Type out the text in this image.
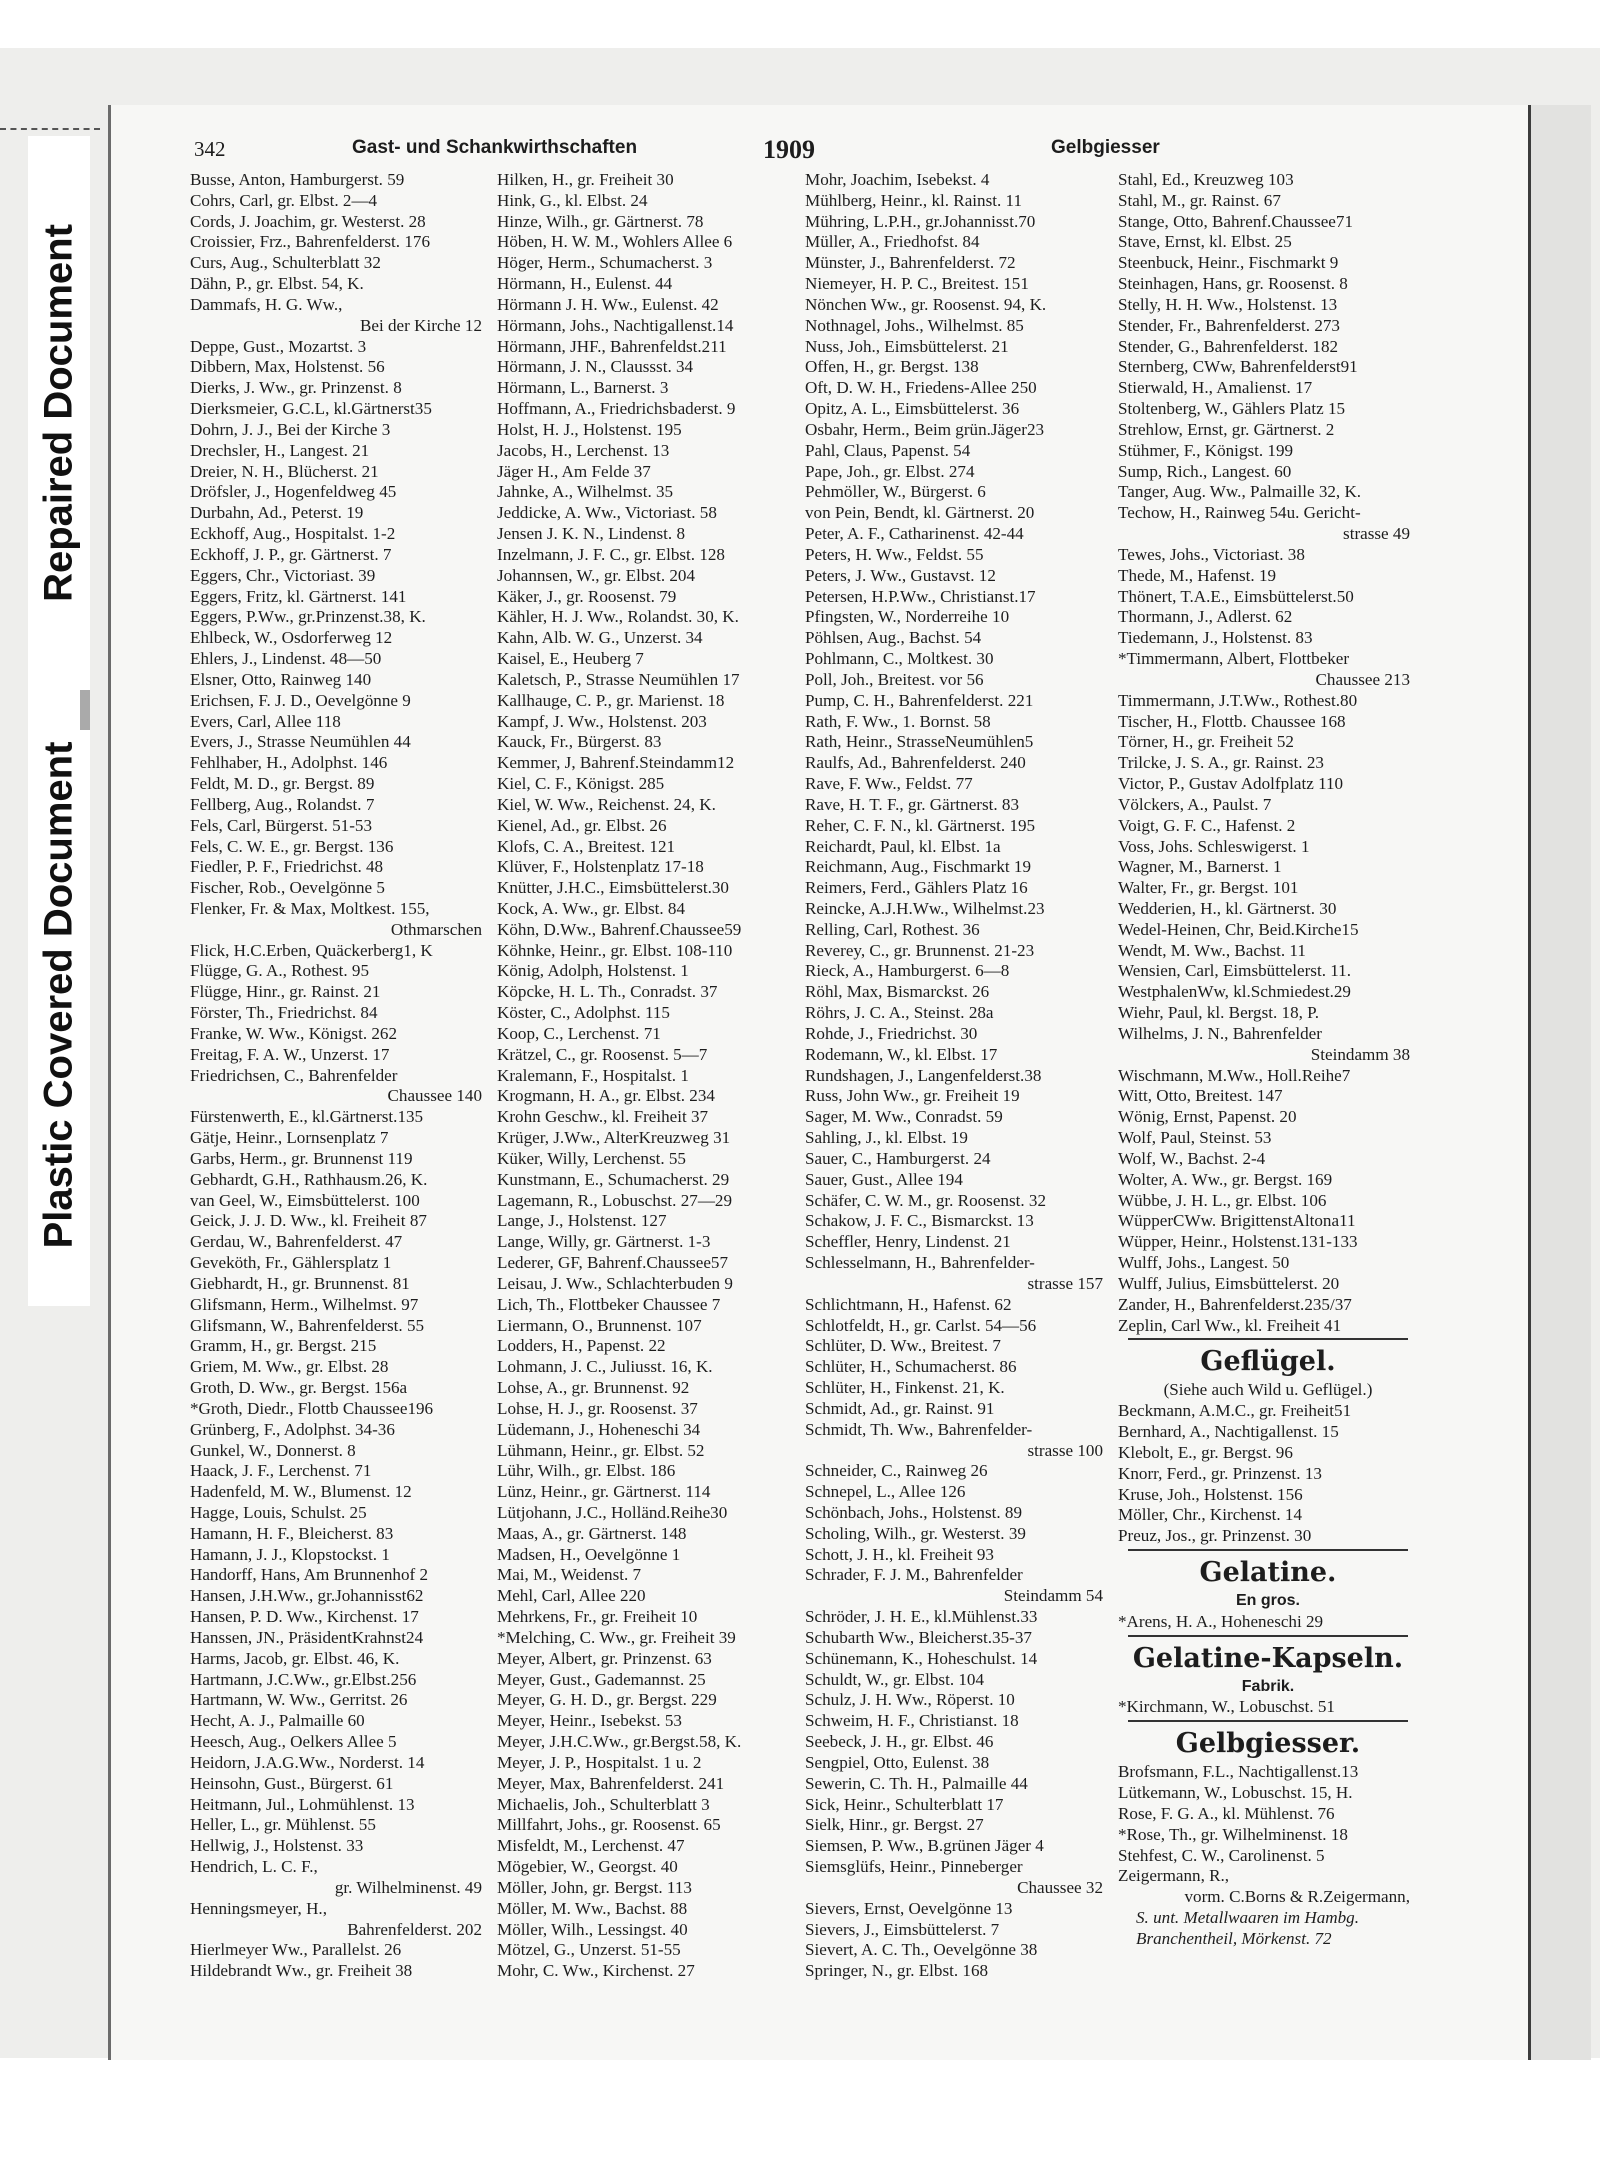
Repaired Document
Plastic Covered Document
342	Gast- und Schankwirthschaften	1909	Gelbgiesser
Busse, Anton, Hamburgerst. 59
Cohrs, Carl, gr. Elbst. 2—4
Cords, J. Joachim, gr. Westerst. 28
Croissier, Frz., Bahrenfelderst. 176
Curs, Aug., Schulterblatt 32
Dähn, P., gr. Elbst. 54, K.
Dammafs, H. G. Ww.,
Bei der Kirche 12
Deppe, Gust., Mozartst. 3
Dibbern, Max, Holstenst. 56
Dierks, J. Ww., gr. Prinzenst. 8
Dierksmeier, G.C.L, kl.Gärtnerst35
Dohrn, J. J., Bei der Kirche 3
Drechsler, H., Langest. 21
Dreier, N. H., Blücherst. 21
Dröfsler, J., Hogenfeldweg 45
Durbahn, Ad., Peterst. 19
Eckhoff, Aug., Hospitalst. 1-2
Eckhoff, J. P., gr. Gärtnerst. 7
Eggers, Chr., Victoriast. 39
Eggers, Fritz, kl. Gärtnerst. 141
Eggers, P.Ww., gr.Prinzenst.38, K.
Ehlbeck, W., Osdorferweg 12
Ehlers, J., Lindenst. 48—50
Elsner, Otto, Rainweg 140
Erichsen, F. J. D., Oevelgönne 9
Evers, Carl, Allee 118
Evers, J., Strasse Neumühlen 44
Fehlhaber, H., Adolphst. 146
Feldt, M. D., gr. Bergst. 89
Fellberg, Aug., Rolandst. 7
Fels, Carl, Bürgerst. 51-53
Fels, C. W. E., gr. Bergst. 136
Fiedler, P. F., Friedrichst. 48
Fischer, Rob., Oevelgönne 5
Flenker, Fr. & Max, Moltkest. 155,
Othmarschen
Flick, H.C.Erben, Quäckerberg1, K
Flügge, G. A., Rothest. 95
Flügge, Hinr., gr. Rainst. 21
Förster, Th., Friedrichst. 84
Franke, W. Ww., Königst. 262
Freitag, F. A. W., Unzerst. 17
Friedrichsen, C., Bahrenfelder
Chaussee 140
Fürstenwerth, E., kl.Gärtnerst.135
Gätje, Heinr., Lornsenplatz 7
Garbs, Herm., gr. Brunnenst 119
Gebhardt, G.H., Rathhausm.26, K.
van Geel, W., Eimsbüttelerst. 100
Geick, J. J. D. Ww., kl. Freiheit 87
Gerdau, W., Bahrenfelderst. 47
Geveköth, Fr., Gählersplatz 1
Giebhardt, H., gr. Brunnenst. 81
Glifsmann, Herm., Wilhelmst. 97
Glifsmann, W., Bahrenfelderst. 55
Gramm, H., gr. Bergst. 215
Griem, M. Ww., gr. Elbst. 28
Groth, D. Ww., gr. Bergst. 156a
*Groth, Diedr., Flottb Chaussee196
Grünberg, F., Adolphst. 34-36
Gunkel, W., Donnerst. 8
Haack, J. F., Lerchenst. 71
Hadenfeld, M. W., Blumenst. 12
Hagge, Louis, Schulst. 25
Hamann, H. F., Bleicherst. 83
Hamann, J. J., Klopstockst. 1
Handorff, Hans, Am Brunnenhof 2
Hansen, J.H.Ww., gr.Johannisst62
Hansen, P. D. Ww., Kirchenst. 17
Hanssen, JN., PräsidentKrahnst24
Harms, Jacob, gr. Elbst. 46, K.
Hartmann, J.C.Ww., gr.Elbst.256
Hartmann, W. Ww., Gerritst. 26
Hecht, A. J., Palmaille 60
Heesch, Aug., Oelkers Allee 5
Heidorn, J.A.G.Ww., Norderst. 14
Heinsohn, Gust., Bürgerst. 61
Heitmann, Jul., Lohmühlenst. 13
Heller, L., gr. Mühlenst. 55
Hellwig, J., Holstenst. 33
Hendrich, L. C. F.,
gr. Wilhelminenst. 49
Henningsmeyer, H.,
Bahrenfelderst. 202
Hierlmeyer Ww., Parallelst. 26
Hildebrandt Ww., gr. Freiheit 38
Hilken, H., gr. Freiheit 30
Hink, G., kl. Elbst. 24
Hinze, Wilh., gr. Gärtnerst. 78
Höben, H. W. M., Wohlers Allee 6
Höger, Herm., Schumacherst. 3
Hörmann, H., Eulenst. 44
Hörmann J. H. Ww., Eulenst. 42
Hörmann, Johs., Nachtigallenst.14
Hörmann, JHF., Bahrenfeldst.211
Hörmann, J. N., Claussst. 34
Hörmann, L., Barnerst. 3
Hoffmann, A., Friedrichsbaderst. 9
Holst, H. J., Holstenst. 195
Jacobs, H., Lerchenst. 13
Jäger H., Am Felde 37
Jahnke, A., Wilhelmst. 35
Jeddicke, A. Ww., Victoriast. 58
Jensen J. K. N., Lindenst. 8
Inzelmann, J. F. C., gr. Elbst. 128
Johannsen, W., gr. Elbst. 204
Käker, J., gr. Roosenst. 79
Kähler, H. J. Ww., Rolandst. 30, K.
Kahn, Alb. W. G., Unzerst. 34
Kaisel, E., Heuberg 7
Kaletsch, P., Strasse Neumühlen 17
Kallhauge, C. P., gr. Marienst. 18
Kampf, J. Ww., Holstenst. 203
Kauck, Fr., Bürgerst. 83
Kemmer, J, Bahrenf.Steindamm12
Kiel, C. F., Königst. 285
Kiel, W. Ww., Reichenst. 24, K.
Kienel, Ad., gr. Elbst. 26
Klofs, C. A., Breitest. 121
Klüver, F., Holstenplatz 17-18
Knütter, J.H.C., Eimsbüttelerst.30
Kock, A. Ww., gr. Elbst. 84
Köhn, D.Ww., Bahrenf.Chaussee59
Köhnke, Heinr., gr. Elbst. 108-110
König, Adolph, Holstenst. 1
Köpcke, H. L. Th., Conradst. 37
Köster, C., Adolphst. 115
Koop, C., Lerchenst. 71
Krätzel, C., gr. Roosenst. 5—7
Kralemann, F., Hospitalst. 1
Krogmann, H. A., gr. Elbst. 234
Krohn Geschw., kl. Freiheit 37
Krüger, J.Ww., AlterKreuzweg 31
Küker, Willy, Lerchenst. 55
Kunstmann, E., Schumacherst. 29
Lagemann, R., Lobuschst. 27—29
Lange, J., Holstenst. 127
Lange, Willy, gr. Gärtnerst. 1-3
Lederer, GF, Bahrenf.Chaussee57
Leisau, J. Ww., Schlachterbuden 9
Lich, Th., Flottbeker Chaussee 7
Liermann, O., Brunnenst. 107
Lodders, H., Papenst. 22
Lohmann, J. C., Juliusst. 16, K.
Lohse, A., gr. Brunnenst. 92
Lohse, H. J., gr. Roosenst. 37
Lüdemann, J., Hoheneschi 34
Lühmann, Heinr., gr. Elbst. 52
Lühr, Wilh., gr. Elbst. 186
Lünz, Heinr., gr. Gärtnerst. 114
Lütjohann, J.C., Holländ.Reihe30
Maas, A., gr. Gärtnerst. 148
Madsen, H., Oevelgönne 1
Mai, M., Weidenst. 7
Mehl, Carl, Allee 220
Mehrkens, Fr., gr. Freiheit 10
*Melching, C. Ww., gr. Freiheit 39
Meyer, Albert, gr. Prinzenst. 63
Meyer, Gust., Gademannst. 25
Meyer, G. H. D., gr. Bergst. 229
Meyer, Heinr., Isebekst. 53
Meyer, J.H.C.Ww., gr.Bergst.58, K.
Meyer, J. P., Hospitalst. 1 u. 2
Meyer, Max, Bahrenfelderst. 241
Michaelis, Joh., Schulterblatt 3
Millfahrt, Johs., gr. Roosenst. 65
Misfeldt, M., Lerchenst. 47
Mögebier, W., Georgst. 40
Möller, John, gr. Bergst. 113
Möller, M. Ww., Bachst. 88
Möller, Wilh., Lessingst. 40
Mötzel, G., Unzerst. 51-55
Mohr, C. Ww., Kirchenst. 27
Mohr, Joachim, Isebekst. 4
Mühlberg, Heinr., kl. Rainst. 11
Mühring, L.P.H., gr.Johannisst.70
Müller, A., Friedhofst. 84
Münster, J., Bahrenfelderst. 72
Niemeyer, H. P. C., Breitest. 151
Nönchen Ww., gr. Roosenst. 94, K.
Nothnagel, Johs., Wilhelmst. 85
Nuss, Joh., Eimsbüttelerst. 21
Offen, H., gr. Bergst. 138
Oft, D. W. H., Friedens-Allee 250
Opitz, A. L., Eimsbüttelerst. 36
Osbahr, Herm., Beim grün.Jäger23
Pahl, Claus, Papenst. 54
Pape, Joh., gr. Elbst. 274
Pehmöller, W., Bürgerst. 6
von Pein, Bendt, kl. Gärtnerst. 20
Peter, A. F., Catharinenst. 42-44
Peters, H. Ww., Feldst. 55
Peters, J. Ww., Gustavst. 12
Petersen, H.P.Ww., Christianst.17
Pfingsten, W., Norderreihe 10
Pöhlsen, Aug., Bachst. 54
Pohlmann, C., Moltkest. 30
Poll, Joh., Breitest. vor 56
Pump, C. H., Bahrenfelderst. 221
Rath, F. Ww., 1. Bornst. 58
Rath, Heinr., StrasseNeumühlen5
Raulfs, Ad., Bahrenfelderst. 240
Rave, F. Ww., Feldst. 77
Rave, H. T. F., gr. Gärtnerst. 83
Reher, C. F. N., kl. Gärtnerst. 195
Reichardt, Paul, kl. Elbst. 1a
Reichmann, Aug., Fischmarkt 19
Reimers, Ferd., Gählers Platz 16
Reincke, A.J.H.Ww., Wilhelmst.23
Relling, Carl, Rothest. 36
Reverey, C., gr. Brunnenst. 21-23
Rieck, A., Hamburgerst. 6—8
Röhl, Max, Bismarckst. 26
Röhrs, J. C. A., Steinst. 28a
Rohde, J., Friedrichst. 30
Rodemann, W., kl. Elbst. 17
Rundshagen, J., Langenfelderst.38
Russ, John Ww., gr. Freiheit 19
Sager, M. Ww., Conradst. 59
Sahling, J., kl. Elbst. 19
Sauer, C., Hamburgerst. 24
Sauer, Gust., Allee 194
Schäfer, C. W. M., gr. Roosenst. 32
Schakow, J. F. C., Bismarckst. 13
Scheffler, Henry, Lindenst. 21
Schlesselmann, H., Bahrenfelder-
strasse 157
Schlichtmann, H., Hafenst. 62
Schlotfeldt, H., gr. Carlst. 54—56
Schlüter, D. Ww., Breitest. 7
Schlüter, H., Schumacherst. 86
Schlüter, H., Finkenst. 21, K.
Schmidt, Ad., gr. Rainst. 91
Schmidt, Th. Ww., Bahrenfelder-
strasse 100
Schneider, C., Rainweg 26
Schnepel, L., Allee 126
Schönbach, Johs., Holstenst. 89
Scholing, Wilh., gr. Westerst. 39
Schott, J. H., kl. Freiheit 93
Schrader, F. J. M., Bahrenfelder
Steindamm 54
Schröder, J. H. E., kl.Mühlenst.33
Schubarth Ww., Bleicherst.35-37
Schünemann, K., Hoheschulst. 14
Schuldt, W., gr. Elbst. 104
Schulz, J. H. Ww., Röperst. 10
Schweim, H. F., Christianst. 18
Seebeck, J. H., gr. Elbst. 46
Sengpiel, Otto, Eulenst. 38
Sewerin, C. Th. H., Palmaille 44
Sick, Heinr., Schulterblatt 17
Sielk, Hinr., gr. Bergst. 27
Siemsen, P. Ww., B.grünen Jäger 4
Siemsglüfs, Heinr., Pinneberger
Chaussee 32
Sievers, Ernst, Oevelgönne 13
Sievers, J., Eimsbüttelerst. 7
Sievert, A. C. Th., Oevelgönne 38
Springer, N., gr. Elbst. 168
Stahl, Ed., Kreuzweg 103
Stahl, M., gr. Rainst. 67
Stange, Otto, Bahrenf.Chaussee71
Stave, Ernst, kl. Elbst. 25
Steenbuck, Heinr., Fischmarkt 9
Steinhagen, Hans, gr. Roosenst. 8
Stelly, H. H. Ww., Holstenst. 13
Stender, Fr., Bahrenfelderst. 273
Stender, G., Bahrenfelderst. 182
Sternberg, CWw, Bahrenfelderst91
Stierwald, H., Amalienst. 17
Stoltenberg, W., Gählers Platz 15
Strehlow, Ernst, gr. Gärtnerst. 2
Stühmer, F., Königst. 199
Sump, Rich., Langest. 60
Tanger, Aug. Ww., Palmaille 32, K.
Techow, H., Rainweg 54u. Gericht-
strasse 49
Tewes, Johs., Victoriast. 38
Thede, M., Hafenst. 19
Thönert, T.A.E., Eimsbüttelerst.50
Thormann, J., Adlerst. 62
Tiedemann, J., Holstenst. 83
*Timmermann, Albert, Flottbeker
Chaussee 213
Timmermann, J.T.Ww., Rothest.80
Tischer, H., Flottb. Chaussee 168
Törner, H., gr. Freiheit 52
Trilcke, J. S. A., gr. Rainst. 23
Victor, P., Gustav Adolfplatz 110
Völckers, A., Paulst. 7
Voigt, G. F. C., Hafenst. 2
Voss, Johs. Schleswigerst. 1
Wagner, M., Barnerst. 1
Walter, Fr., gr. Bergst. 101
Wedderien, H., kl. Gärtnerst. 30
Wedel-Heinen, Chr, Beid.Kirche15
Wendt, M. Ww., Bachst. 11
Wensien, Carl, Eimsbüttelerst. 11.
WestphalenWw, kl.Schmiedest.29
Wiehr, Paul, kl. Bergst. 18, P.
Wilhelms, J. N., Bahrenfelder
Steindamm 38
Wischmann, M.Ww., Holl.Reihe7
Witt, Otto, Breitest. 147
Wönig, Ernst, Papenst. 20
Wolf, Paul, Steinst. 53
Wolf, W., Bachst. 2-4
Wolter, A. Ww., gr. Bergst. 169
Wübbe, J. H. L., gr. Elbst. 106
WüpperCWw. BrigittenstAltona11
Wüpper, Heinr., Holstenst.131-133
Wulff, Johs., Langest. 50
Wulff, Julius, Eimsbüttelerst. 20
Zander, H., Bahrenfelderst.235/37
Zeplin, Carl Ww., kl. Freiheit 41
Geflügel.
(Siehe auch Wild u. Geflügel.)
Beckmann, A.M.C., gr. Freiheit51
Bernhard, A., Nachtigallenst. 15
Klebolt, E., gr. Bergst. 96
Knorr, Ferd., gr. Prinzenst. 13
Kruse, Joh., Holstenst. 156
Möller, Chr., Kirchenst. 14
Preuz, Jos., gr. Prinzenst. 30
Gelatine.
En gros.
*Arens, H. A., Hoheneschi 29
Gelatine-Kapseln.
Fabrik.
*Kirchmann, W., Lobuschst. 51
Gelbgiesser.
Brofsmann, F.L., Nachtigallenst.13
Lütkemann, W., Lobuschst. 15, H.
Rose, F. G. A., kl. Mühlenst. 76
*Rose, Th., gr. Wilhelminenst. 18
Stehfest, C. W., Carolinenst. 5
Zeigermann, R.,
vorm. C.Borns & R.Zeigermann,
S. unt. Metallwaaren im Hambg.
Branchentheil, Mörkenst. 72
